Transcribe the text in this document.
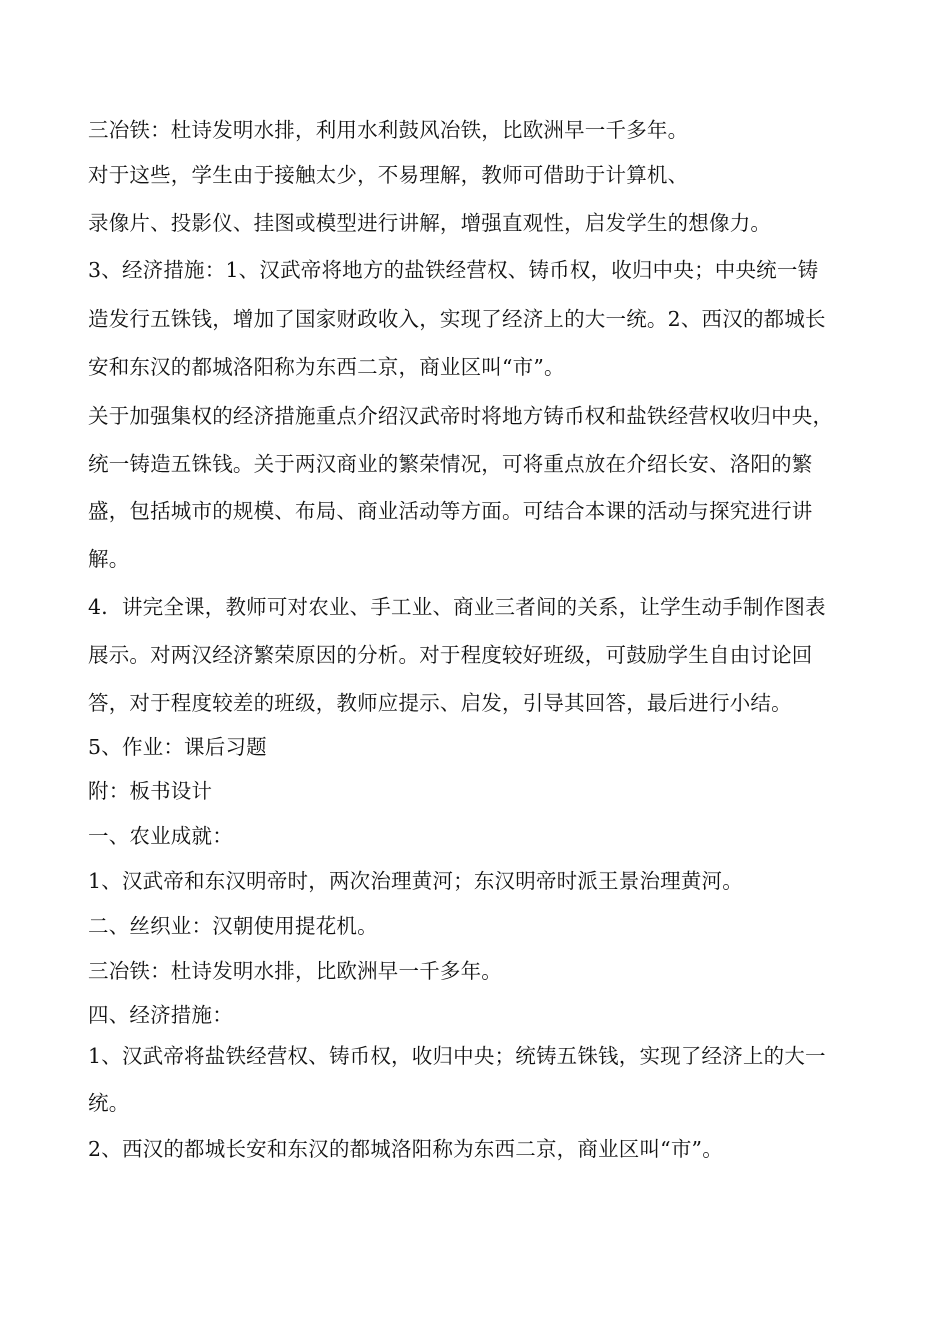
三冶铁：杜诗发明水排，利用水利鼓风冶铁，比欧洲早一千多年。
对于这些，学生由于接触太少，不易理解，教师可借助于计算机、
录像片、投影仪、挂图或模型进行讲解，增强直观性，启发学生的想像力。
3、经济措施：1、汉武帝将地方的盐铁经营权、铸币权，收归中央；中央统一铸
造发行五铢钱，增加了国家财政收入，实现了经济上的大一统。2、西汉的都城长
安和东汉的都城洛阳称为东西二京，商业区叫“市”。
关于加强集权的经济措施重点介绍汉武帝时将地方铸币权和盐铁经营权收归中央，
统一铸造五铢钱。关于两汉商业的繁荣情况，可将重点放在介绍长安、洛阳的繁
盛，包括城市的规模、布局、商业活动等方面。可结合本课的活动与探究进行讲
解。
4．讲完全课，教师可对农业、手工业、商业三者间的关系，让学生动手制作图表
展示。对两汉经济繁荣原因的分析。对于程度较好班级，可鼓励学生自由讨论回
答，对于程度较差的班级，教师应提示、启发，引导其回答，最后进行小结。
5、作业：课后习题
附：板书设计
一、农业成就：
1、汉武帝和东汉明帝时，两次治理黄河；东汉明帝时派王景治理黄河。
二、丝织业：汉朝使用提花机。
三冶铁：杜诗发明水排，比欧洲早一千多年。
四、经济措施：
1、汉武帝将盐铁经营权、铸币权，收归中央；统铸五铢钱，实现了经济上的大一
统。
2、西汉的都城长安和东汉的都城洛阳称为东西二京，商业区叫“市”。
